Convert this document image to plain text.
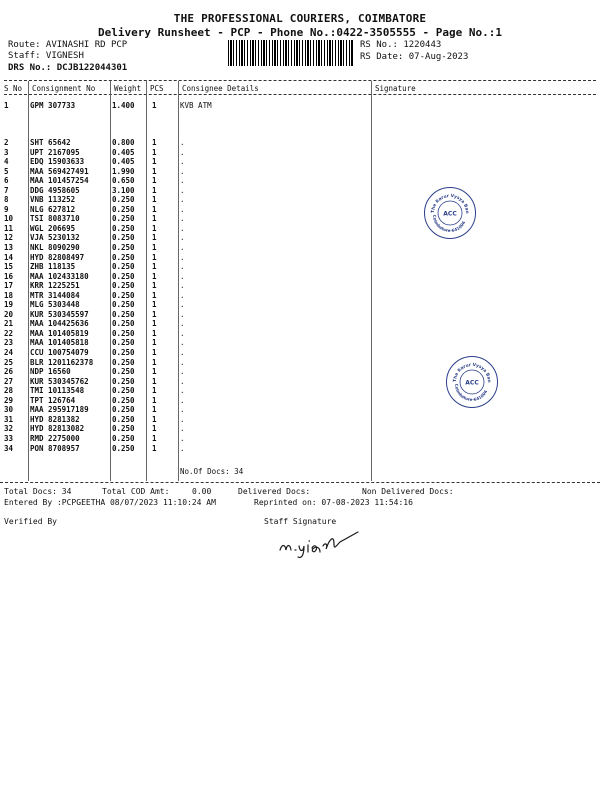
THE PROFESSIONAL COURIERS, COIMBATORE
Delivery Runsheet - PCP - Phone No.:0422-3505555 - Page No.:1
Route: AVINASHI RD PCP
Staff: VIGNESH
DRS No.: DCJB122044301
RS No.: 1220443
RS Date: 07-Aug-2023
S No Consignment No	Weight PCS Consignee Details	Signature
1	GPM 307733	1.400 1	KVB ATM
2	SHT 65642	0.800 1	.
3	UPT 2167095	0.405 1	.
4	EDQ 15903633	0.405 1	.
5	MAA 569427491	1.990 1	.
6	MAA 101457254	0.650 1	.
7	DDG 4958605	3.100 1	.
8	VNB 113252	0.250 1	.
9	NLG 627812	0.250 1	.
10 TSI 8083710	0.250 1	.
11 WGL 206695	0.250 1	.
12 VJA 5230132	0.250 1	.
13 NKL 8090290	0.250 1	.
14 HYD 82808497	0.250 1	.
15 ZHB 118135	0.250 1	.
16 MAA 102433180	0.250 1	.
17 KRR 1225251	0.250 1	.
18 MTR 3144084	0.250 1	.
19 MLG 5303448	0.250 1	.
20 KUR 530345597	0.250 1	.
21 MAA 104425636	0.250 1	.
22 MAA 101405819	0.250 1	.
23 MAA 101405818	0.250 1	.
24 CCU 100754079	0.250 1	.
25 BLR 1201162378	0.250 1	.
26 NDP 16560	0.250 1	.
27 KUR 530345762	0.250 1	.
28 TMI 10113548	0.250 1	.
29 TPT 126764	0.250 1	.
30 MAA 295917189	0.250 1	.
31 HYD 8281382	0.250 1	.
32 HYD 82813082	0.250 1	.
33 RMD 2275000	0.250 1	.
34 PON 8708957	0.250 1	.
No.Of Docs: 34
The Karur Vysya Ban
Coimbatore-641004
ACC
The Karur Vysya Ban
Coimbatore-641004
ACC
Total Docs: 34	Total COD Amt:	0.00	Delivered Docs:	Non Delivered Docs:
Entered By :PCPGEETHA 08/07/2023 11:10:24 AM	Reprinted on: 07-08-2023 11:54:16
Verified By	Staff Signature
